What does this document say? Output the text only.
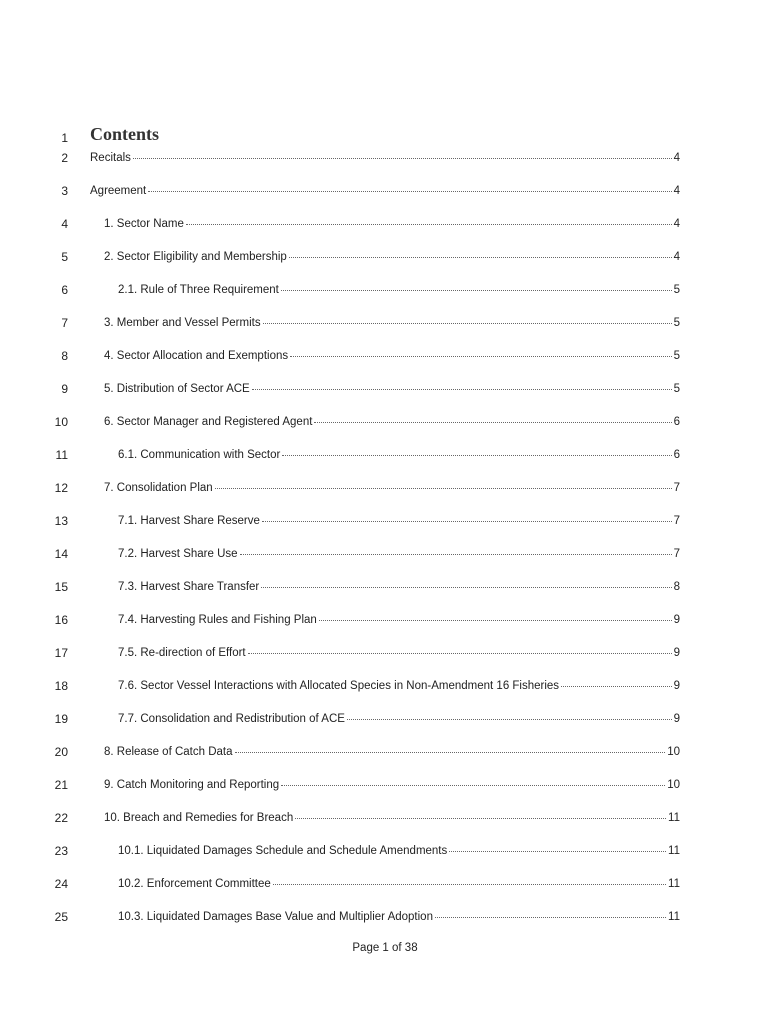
1 Contents
2 Recitals	4
3 Agreement	4
4	1. Sector Name	4
5	2. Sector Eligibility and Membership	4
6	2.1. Rule of Three Requirement	5
7	3. Member and Vessel Permits	5
8	4. Sector Allocation and Exemptions	5
9	5. Distribution of Sector ACE	5
10	6. Sector Manager and Registered Agent	6
11	6.1. Communication with Sector	6
12	7. Consolidation Plan	7
13	7.1. Harvest Share Reserve	7
14	7.2. Harvest Share Use	7
15	7.3. Harvest Share Transfer	8
16	7.4. Harvesting Rules and Fishing Plan	9
17	7.5. Re-direction of Effort	9
18	7.6. Sector Vessel Interactions with Allocated Species in Non-Amendment 16 Fisheries	9
19	7.7. Consolidation and Redistribution of ACE	9
20	8. Release of Catch Data	10
21	9. Catch Monitoring and Reporting	10
22	10. Breach and Remedies for Breach	11
23	10.1. Liquidated Damages Schedule and Schedule Amendments	11
24	10.2. Enforcement Committee	11
25	10.3. Liquidated Damages Base Value and Multiplier Adoption	11
Page 1 of 38
